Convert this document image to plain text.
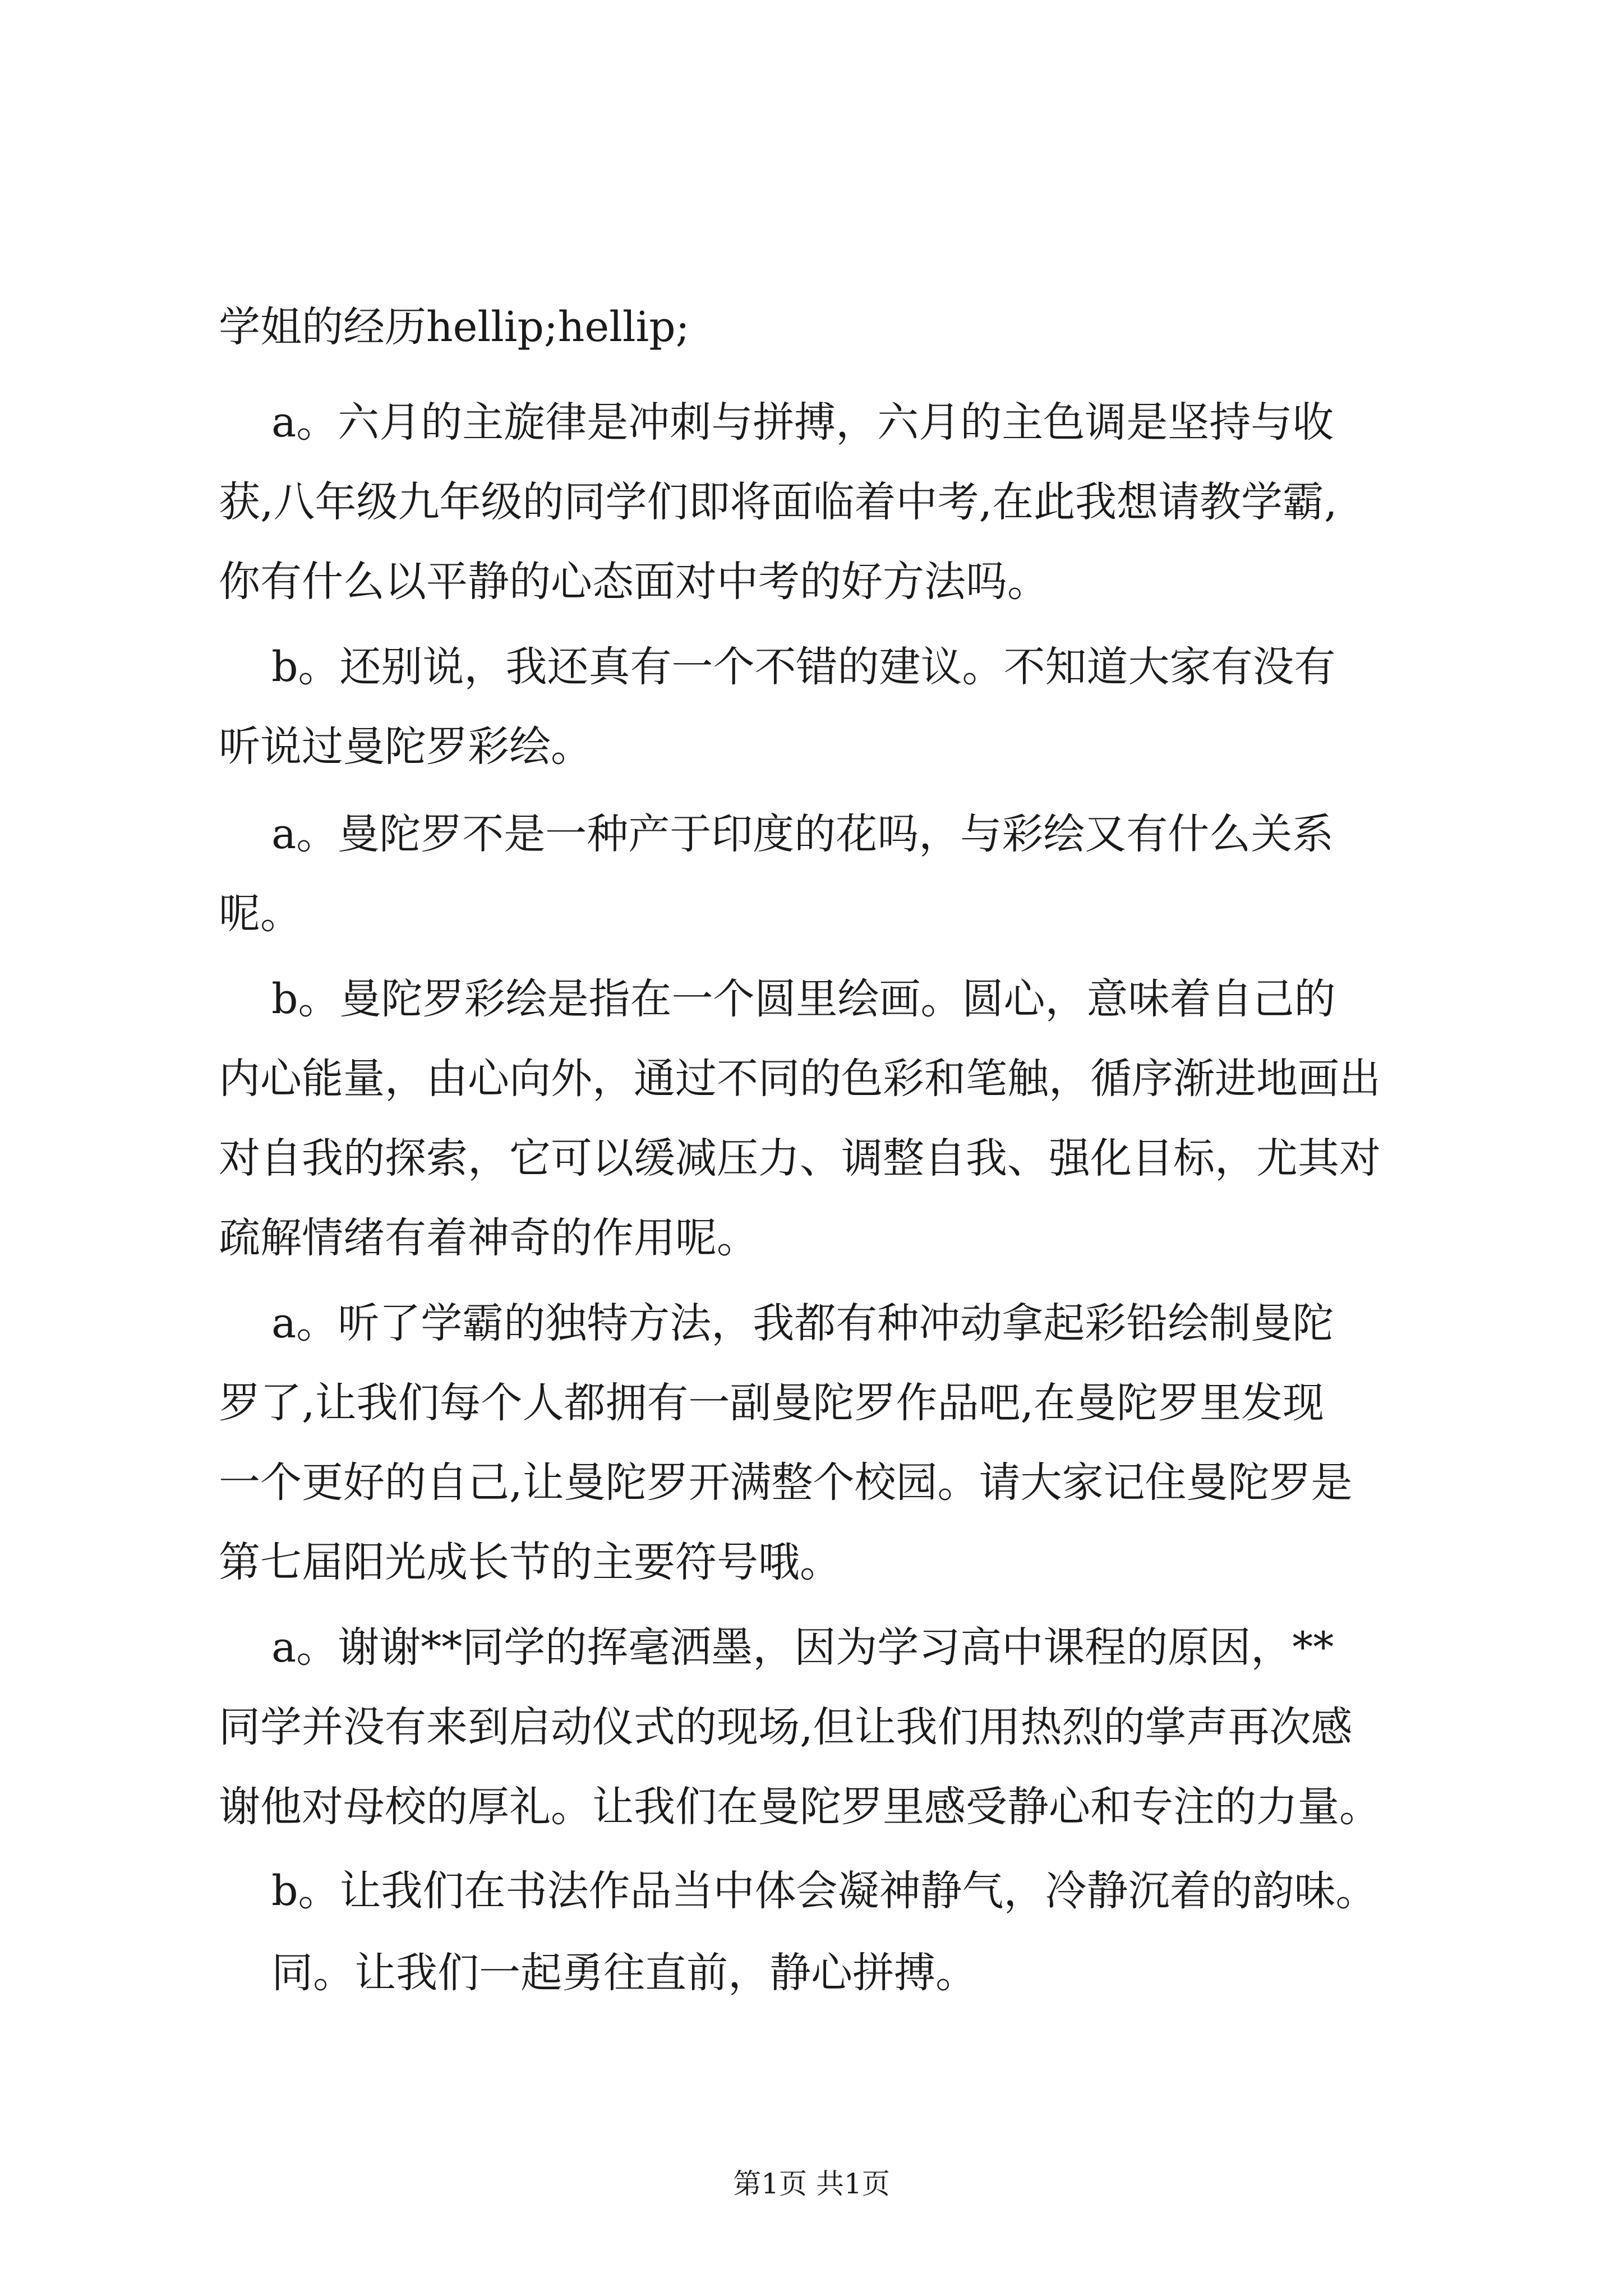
学姐的经历hellip;hellip;

a。六月的主旋律是冲刺与拼搏，六月的主色调是坚持与收

获,八年级九年级的同学们即将面临着中考,在此我想请教学霸,

你有什么以平静的心态面对中考的好方法吗。

b。还别说，我还真有一个不错的建议。不知道大家有没有

听说过曼陀罗彩绘。

a。曼陀罗不是一种产于印度的花吗，与彩绘又有什么关系

呢。

b。曼陀罗彩绘是指在一个圆里绘画。圆心，意味着自己的

内心能量，由心向外，通过不同的色彩和笔触，循序渐进地画出

对自我的探索，它可以缓减压力、调整自我、强化目标，尤其对

疏解情绪有着神奇的作用呢。

a。听了学霸的独特方法，我都有种冲动拿起彩铅绘制曼陀

罗了,让我们每个人都拥有一副曼陀罗作品吧,在曼陀罗里发现

一个更好的自己,让曼陀罗开满整个校园。请大家记住曼陀罗是

第七届阳光成长节的主要符号哦。

a。谢谢**同学的挥毫洒墨，因为学习高中课程的原因，**

同学并没有来到启动仪式的现场,但让我们用热烈的掌声再次感

谢他对母校的厚礼。让我们在曼陀罗里感受静心和专注的力量。

b。让我们在书法作品当中体会凝神静气，冷静沉着的韵味。

同。让我们一起勇往直前，静心拼搏。

第1页 共1页
